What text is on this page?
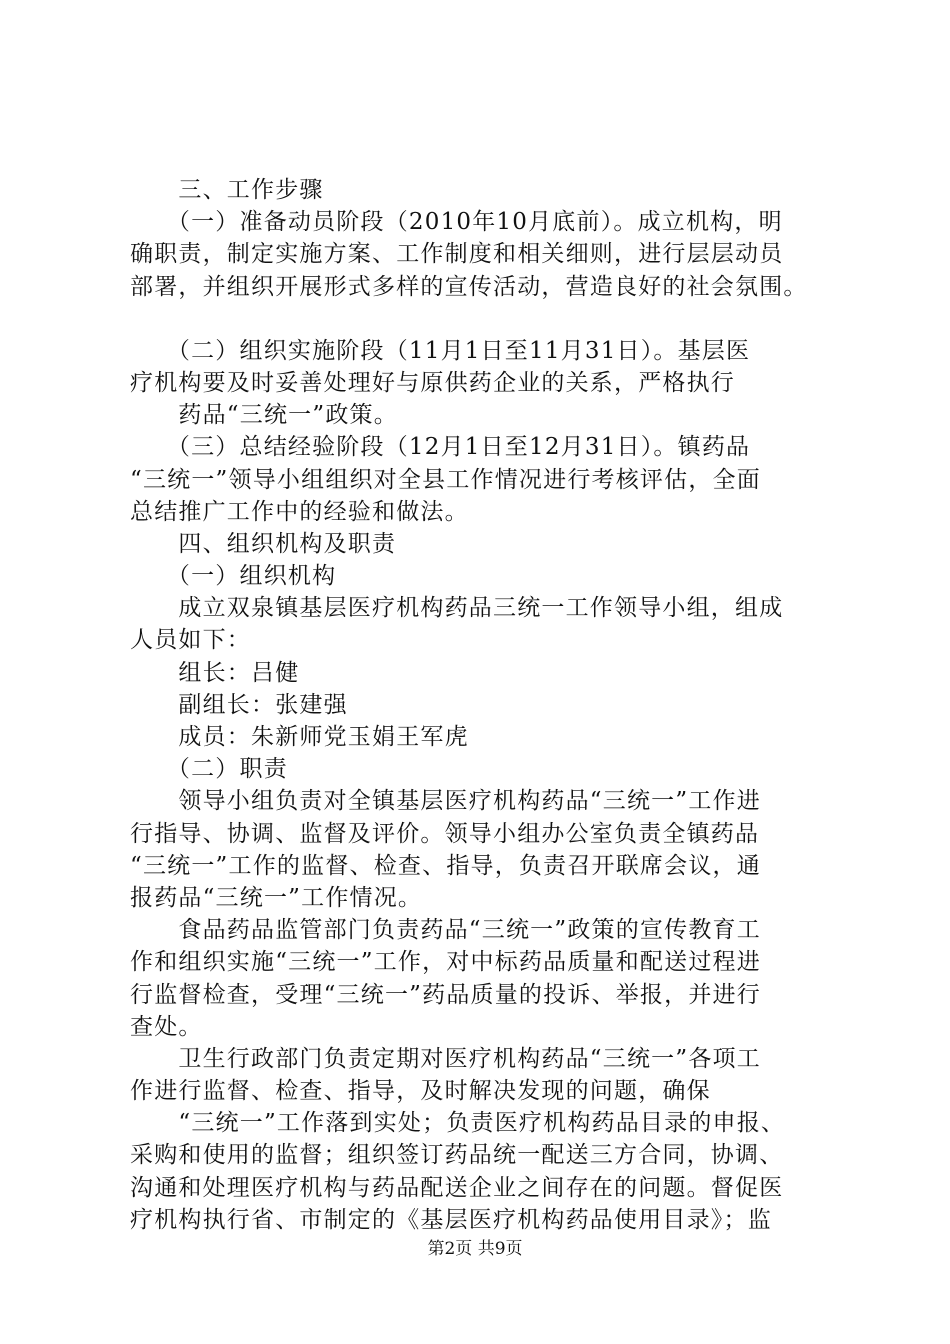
　　三、工作步骤
　　（一）准备动员阶段（2010年10月底前）。成立机构，明
确职责，制定实施方案、工作制度和相关细则，进行层层动员
部署，并组织开展形式多样的宣传活动，营造良好的社会氛围。
　　（二）组织实施阶段（11月1日至11月31日）。基层医
疗机构要及时妥善处理好与原供药企业的关系，严格执行
　　药品“三统一”政策。
　　（三）总结经验阶段（12月1日至12月31日）。镇药品
“三统一”领导小组组织对全县工作情况进行考核评估，全面
总结推广工作中的经验和做法。
　　四、组织机构及职责
　　（一）组织机构
　　成立双泉镇基层医疗机构药品三统一工作领导小组，组成
人员如下：
　　组长：吕健
　　副组长：张建强
　　成员：朱新师党玉娟王军虎
　　（二）职责
　　领导小组负责对全镇基层医疗机构药品“三统一”工作进
行指导、协调、监督及评价。领导小组办公室负责全镇药品
“三统一”工作的监督、检查、指导，负责召开联席会议，通
报药品“三统一”工作情况。
　　食品药品监管部门负责药品“三统一”政策的宣传教育工
作和组织实施“三统一”工作，对中标药品质量和配送过程进
行监督检查，受理“三统一”药品质量的投诉、举报，并进行
查处。
　　卫生行政部门负责定期对医疗机构药品“三统一”各项工
作进行监督、检查、指导，及时解决发现的问题，确保
　　“三统一”工作落到实处；负责医疗机构药品目录的申报、
采购和使用的监督；组织签订药品统一配送三方合同，协调、
沟通和处理医疗机构与药品配送企业之间存在的问题。督促医
疗机构执行省、市制定的《基层医疗机构药品使用目录》；监
第2页 共9页
